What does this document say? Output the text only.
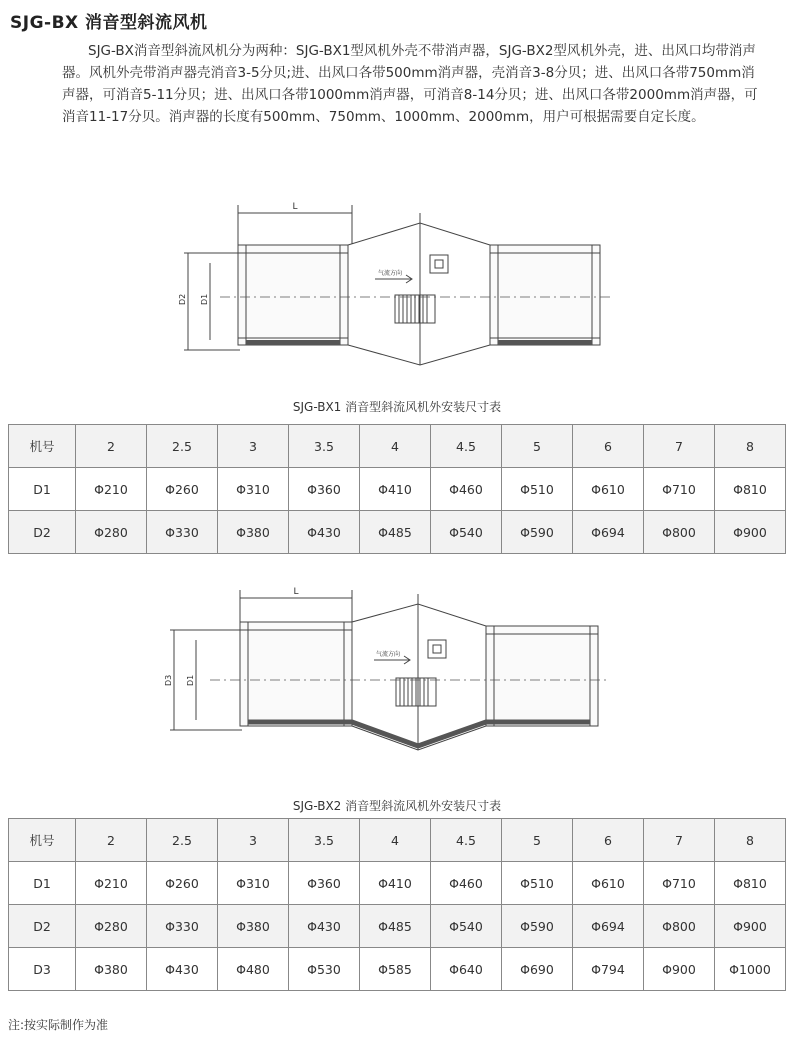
SJG-BX 消音型斜流风机
SJG-BX消音型斜流风机分为两种：SJG-BX1型风机外壳不带消声器，SJG-BX2型风机外壳，进、出风口均带消声器。风机外壳带消声器壳消音3-5分贝;进、出风口各带500mm消声器，壳消音3-8分贝；进、出风口各带750mm消声器，可消音5-11分贝；进、出风口各带1000mm消声器，可消音8-14分贝；进、出风口各带2000mm消声器，可消音11-17分贝。消声器的长度有500mm、750mm、1000mm、2000mm，用户可根据需要自定长度。
L
D2 D1
气流方向
SJG-BX1 消音型斜流风机外安装尺寸表
机号	2	2.5	3	3.5	4	4.5	5	6	7	8
D1	Φ210	Φ260	Φ310	Φ360	Φ410	Φ460	Φ510	Φ610	Φ710	Φ810
D2	Φ280	Φ330	Φ380	Φ430	Φ485	Φ540	Φ590	Φ694	Φ800	Φ900
L
D3 D1
气流方向
SJG-BX2 消音型斜流风机外安装尺寸表
机号	2	2.5	3	3.5	4	4.5	5	6	7	8
D1	Φ210	Φ260	Φ310	Φ360	Φ410	Φ460	Φ510	Φ610	Φ710	Φ810
D2	Φ280	Φ330	Φ380	Φ430	Φ485	Φ540	Φ590	Φ694	Φ800	Φ900
D3	Φ380	Φ430	Φ480	Φ530	Φ585	Φ640	Φ690	Φ794	Φ900	Φ1000
注:按实际制作为准
